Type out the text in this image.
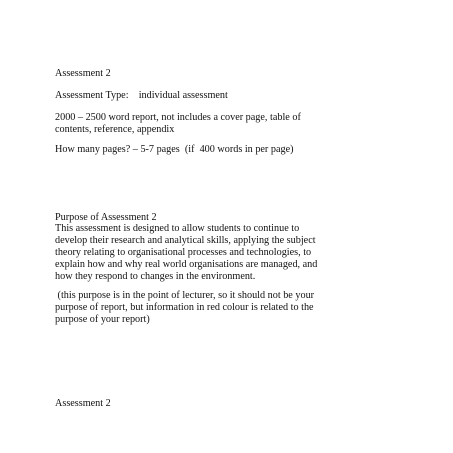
Assessment 2

Assessment Type:    individual assessment

2000 – 2500 word report, not includes a cover page, table of

contents, reference, appendix

How many pages? – 5-7 pages  (if  400 words in per page)

Purpose of Assessment 2

This assessment is designed to allow students to continue to

develop their research and analytical skills, applying the subject

theory relating to organisational processes and technologies, to

explain how and why real world organisations are managed, and

how they respond to changes in the environment.

(this purpose is in the point of lecturer, so it should not be your

purpose of report, but information in red colour is related to the

purpose of your report)

Assessment 2
